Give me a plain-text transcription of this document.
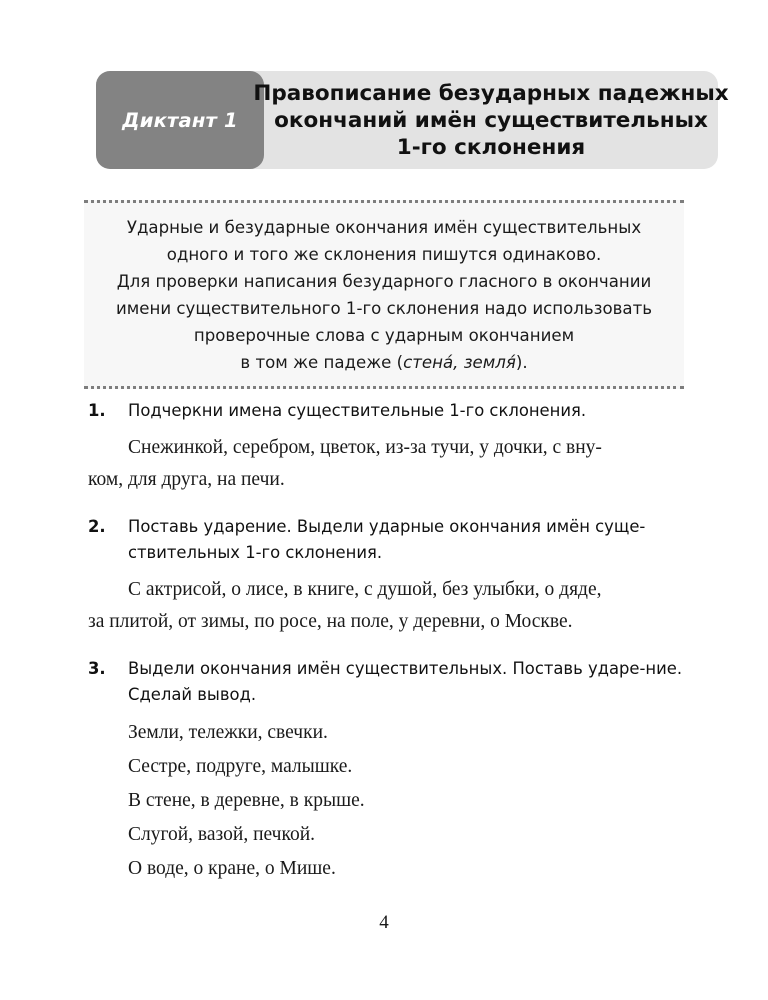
Диктант 1
Правописание безударных падежных
окончаний имён существительных
1-го склонения
Ударные и безударные окончания имён существительных
одного и того же склонения пишутся одинаково.
Для проверки написания безударного гласного в окончании
имени существительного 1-го склонения надо использовать
проверочные слова с ударным окончанием
в том же падеже (стена́, земля́).
1. Подчеркни имена существительные 1-го склонения.
Снежинкой, серебром, цветок, из-за тучи, у дочки, с вну-
ком, для друга, на печи.
2. Поставь ударение. Выдели ударные окончания имён суще-ствительных 1-го склонения.
С актрисой, о лисе, в книге, с душой, без улыбки, о дяде,
за плитой, от зимы, по росе, на поле, у деревни, о Москве.
3. Выдели окончания имён существительных. Поставь ударе-ние. Сделай вывод.
Земли, тележки, свечки.
Сестре, подруге, малышке.
В стене, в деревне, в крыше.
Слугой, вазой, печкой.
О воде, о кране, о Мише.
4
